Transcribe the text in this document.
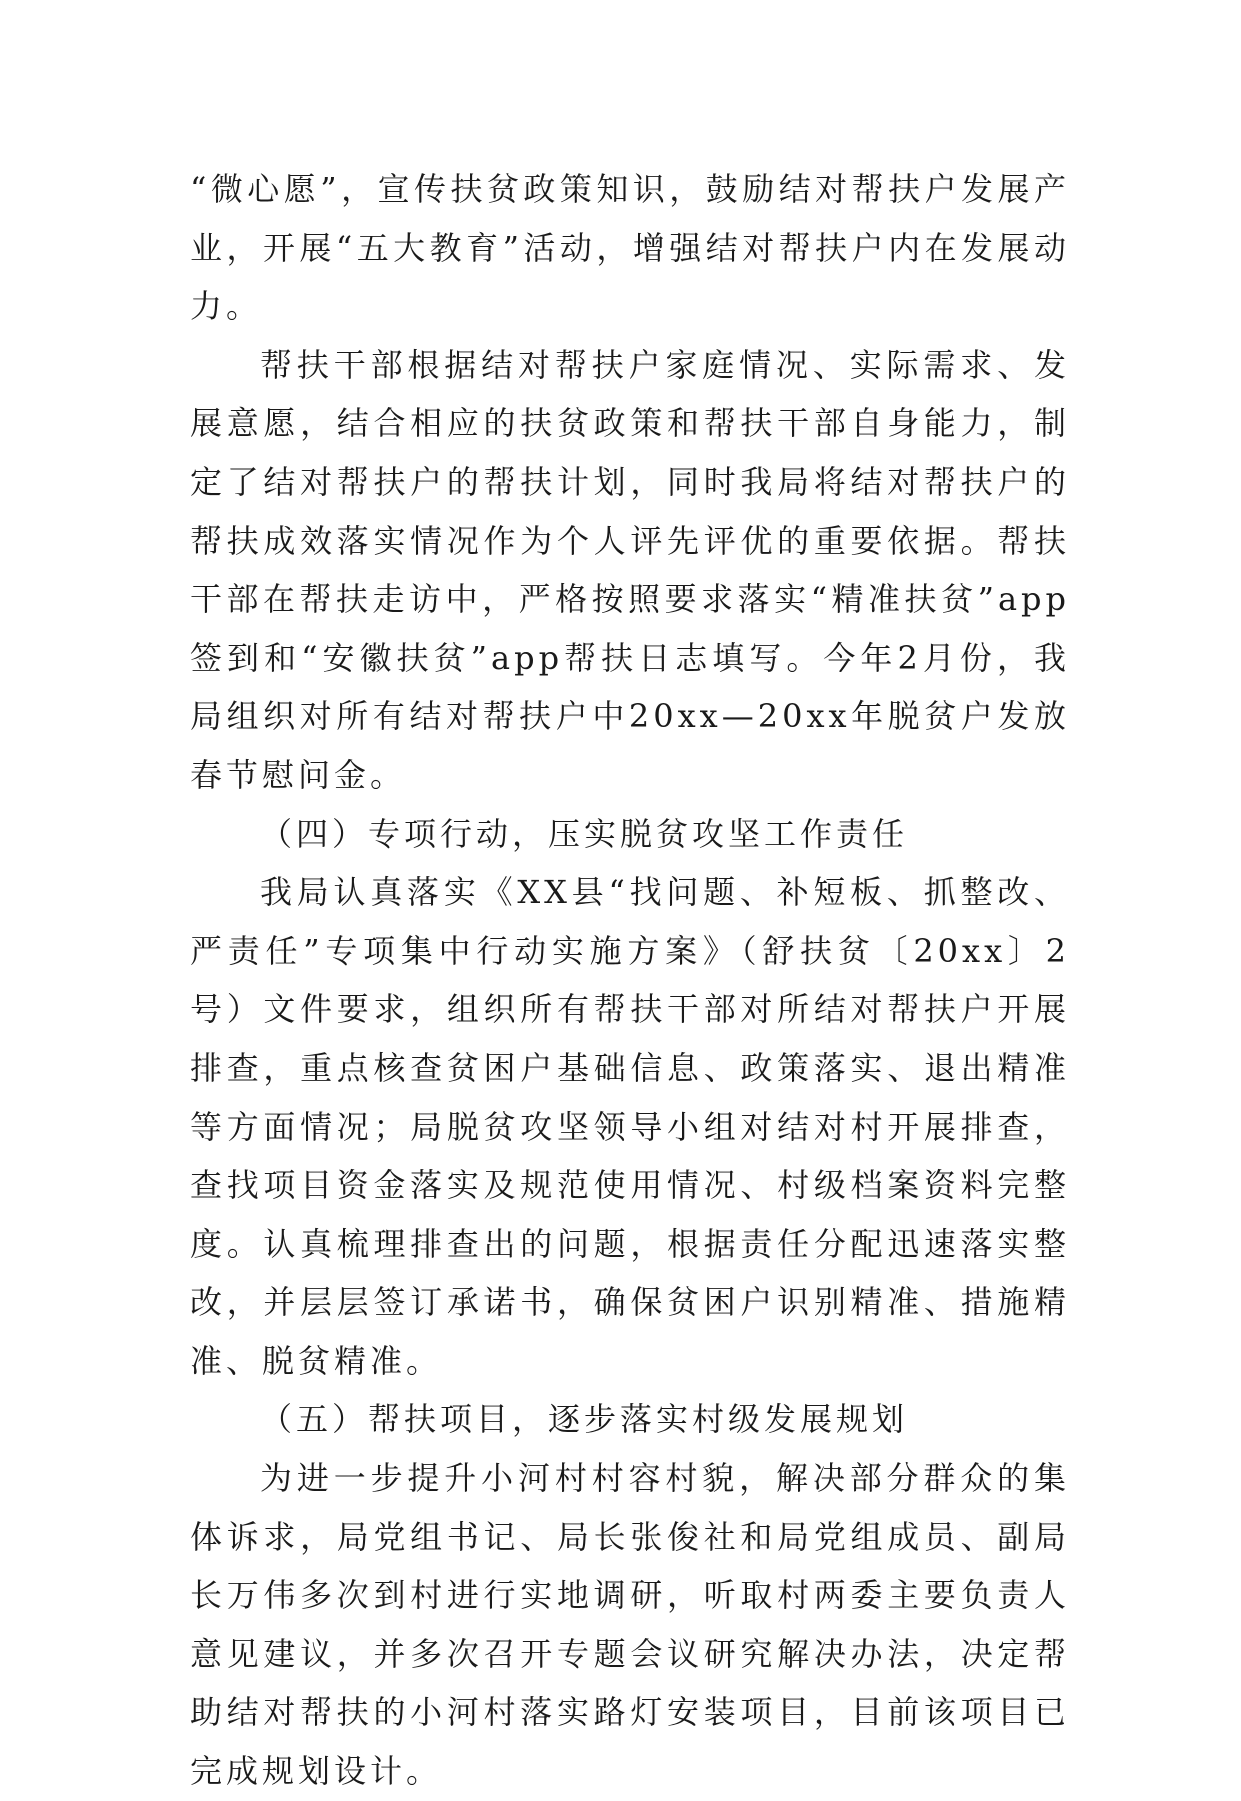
“微心愿”，宣传扶贫政策知识，鼓励结对帮扶户发展产业，开展“五大教育”活动，增强结对帮扶户内在发展动力。

帮扶干部根据结对帮扶户家庭情况、实际需求、发展意愿，结合相应的扶贫政策和帮扶干部自身能力，制定了结对帮扶户的帮扶计划，同时我局将结对帮扶户的帮扶成效落实情况作为个人评先评优的重要依据。帮扶干部在帮扶走访中，严格按照要求落实“精准扶贫”app签到和“安徽扶贫”app帮扶日志填写。今年2月份，我局组织对所有结对帮扶户中20xx—20xx年脱贫户发放春节慰问金。

（四）专项行动，压实脱贫攻坚工作责任

我局认真落实《XX县“找问题、补短板、抓整改、严责任”专项集中行动实施方案》（舒扶贫〔20xx〕2号）文件要求，组织所有帮扶干部对所结对帮扶户开展排查，重点核查贫困户基础信息、政策落实、退出精准等方面情况；局脱贫攻坚领导小组对结对村开展排查，查找项目资金落实及规范使用情况、村级档案资料完整度。认真梳理排查出的问题，根据责任分配迅速落实整改，并层层签订承诺书，确保贫困户识别精准、措施精准、脱贫精准。

（五）帮扶项目，逐步落实村级发展规划

为进一步提升小河村村容村貌，解决部分群众的集体诉求，局党组书记、局长张俊社和局党组成员、副局长万伟多次到村进行实地调研，听取村两委主要负责人意见建议，并多次召开专题会议研究解决办法，决定帮助结对帮扶的小河村落实路灯安装项目，目前该项目已完成规划设计。
